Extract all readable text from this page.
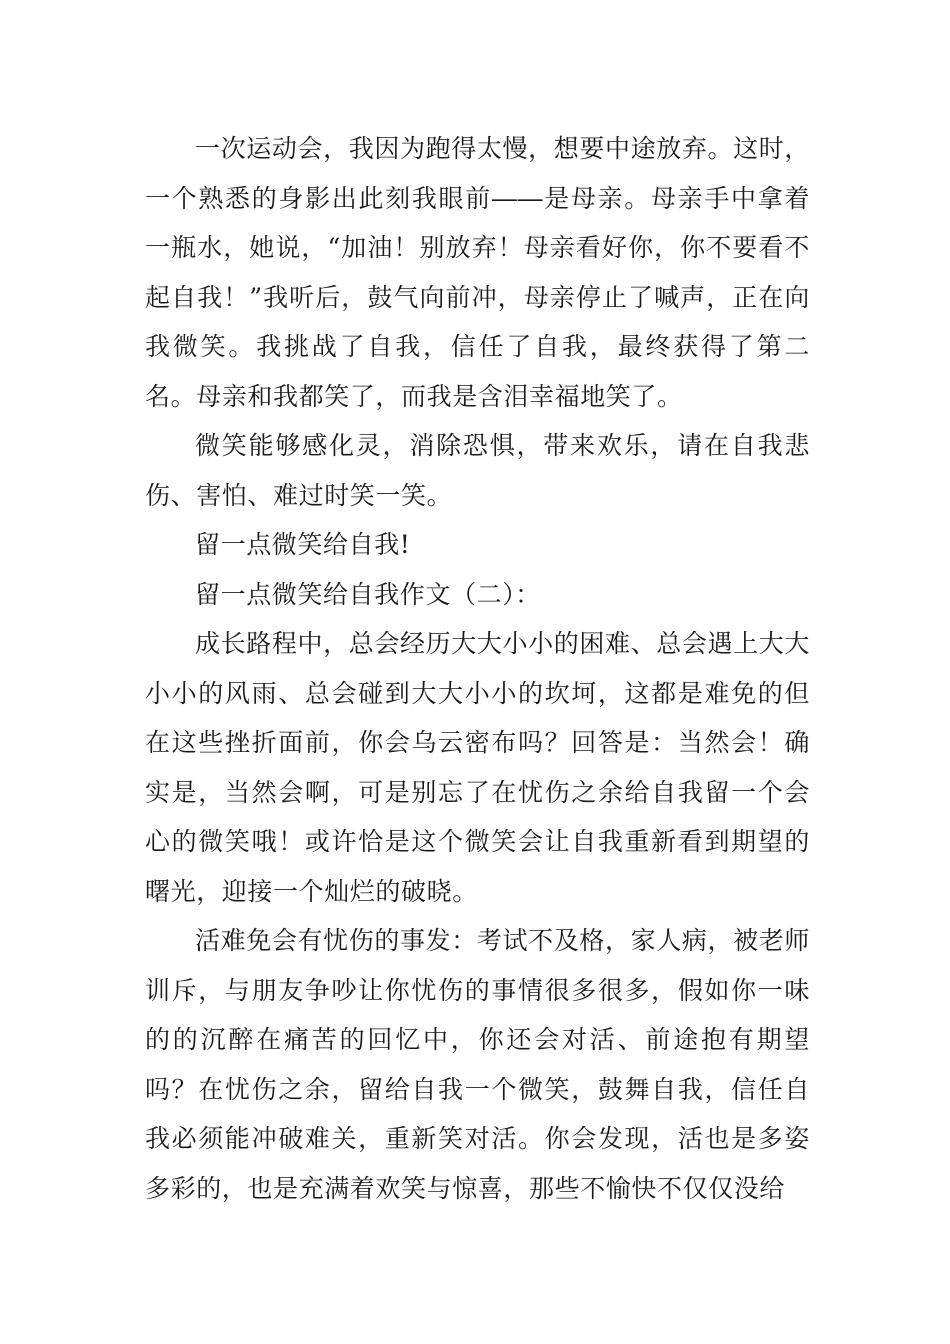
一次运动会，我因为跑得太慢，想要中途放弃。这时，一个熟悉的身影出此刻我眼前――是母亲。母亲手中拿着一瓶水，她说，“加油！别放弃！母亲看好你，你不要看不起自我！”我听后，鼓气向前冲，母亲停止了喊声，正在向我微笑。我挑战了自我，信任了自我，最终获得了第二名。母亲和我都笑了，而我是含泪幸福地笑了。

微笑能够感化灵，消除恐惧，带来欢乐，请在自我悲伤、害怕、难过时笑一笑。

留一点微笑给自我!

留一点微笑给自我作文（二）：

成长路程中，总会经历大大小小的困难、总会遇上大大小小的风雨、总会碰到大大小小的坎坷，这都是难免的但在这些挫折面前，你会乌云密布吗？回答是：当然会！确实是，当然会啊，可是别忘了在忧伤之余给自我留一个会心的微笑哦！或许恰是这个微笑会让自我重新看到期望的曙光，迎接一个灿烂的破晓。

活难免会有忧伤的事发：考试不及格，家人病，被老师训斥，与朋友争吵让你忧伤的事情很多很多，假如你一味的的沉醉在痛苦的回忆中，你还会对活、前途抱有期望吗？在忧伤之余，留给自我一个微笑，鼓舞自我，信任自我必须能冲破难关，重新笑对活。你会发现，活也是多姿多彩的，也是充满着欢笑与惊喜，那些不愉快不仅仅没给
